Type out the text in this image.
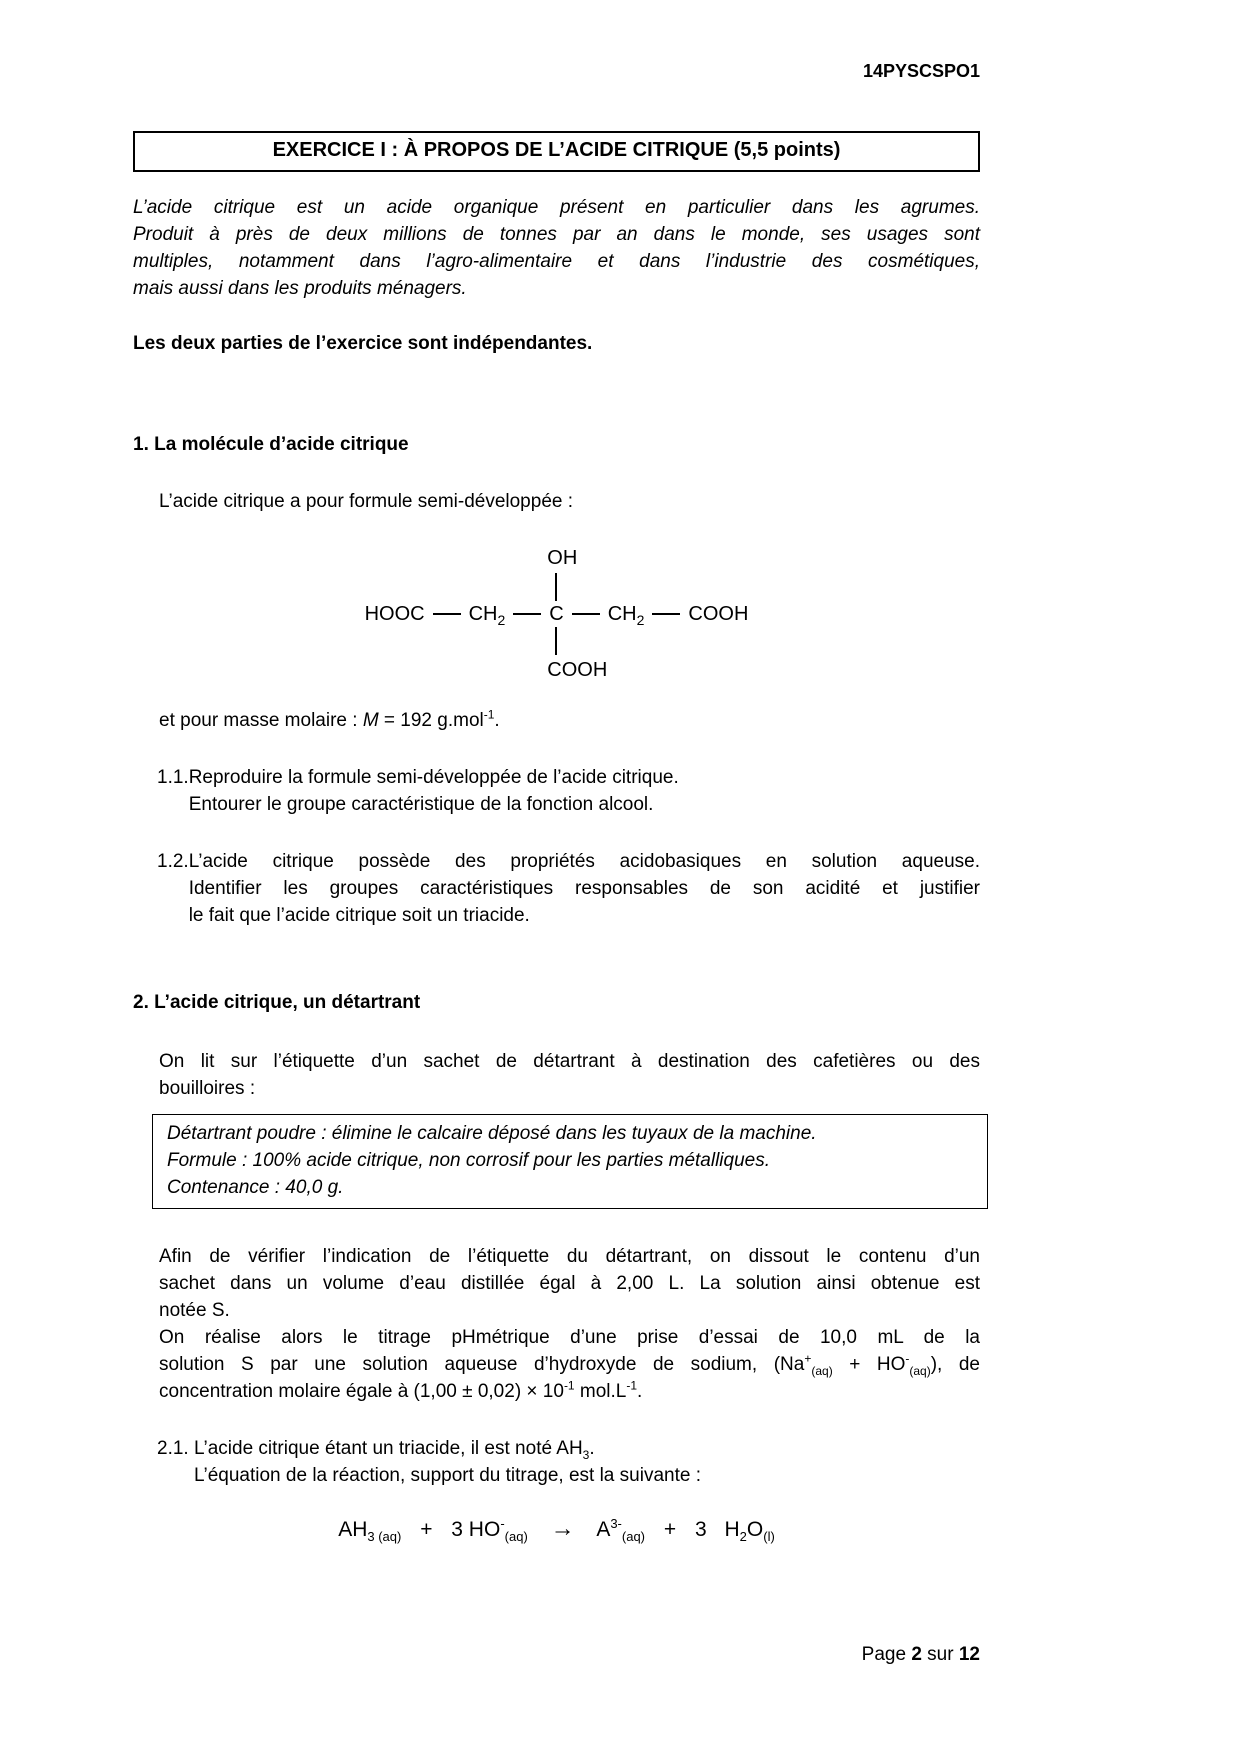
14PYSCSPO1
EXERCICE I : À PROPOS DE L’ACIDE CITRIQUE (5,5 points)
L’acide citrique est un acide organique présent en particulier dans les agrumes.
Produit à près de deux millions de tonnes par an dans le monde, ses usages sont
multiples, notamment dans l’agro-alimentaire et dans l’industrie des cosmétiques,
mais aussi dans les produits ménagers.
Les deux parties de l’exercice sont indépendantes.
1. La molécule d’acide citrique
L’acide citrique a pour formule semi-développée :
HOOC $CH_2$
OH
C
COOH
$CH_2$ COOH
et pour masse molaire : M = 192 g.mol$^{-1}$.
1.1. Reproduire la formule semi-développée de l’acide citrique.
Entourer le groupe caractéristique de la fonction alcool.
1.2. L’acide citrique possède des propriétés acidobasiques en solution aqueuse.
Identifier les groupes caractéristiques responsables de son acidité et justifier
le fait que l’acide citrique soit un triacide.
2. L’acide citrique, un détartrant
On lit sur l’étiquette d’un sachet de détartrant à destination des cafetières ou des
bouilloires :
Détartrant poudre : élimine le calcaire déposé dans les tuyaux de la machine.
Formule : 100% acide citrique, non corrosif pour les parties métalliques.
Contenance : 40,0 g.
Afin de vérifier l’indication de l’étiquette du détartrant, on dissout le contenu d’un
sachet dans un volume d’eau distillée égal à 2,00 L. La solution ainsi obtenue est
notée S.
On réalise alors le titrage pHmétrique d’une prise d’essai de 10,0 mL de la
solution S par une solution aqueuse d’hydroxyde de sodium, $(Na^+_{(aq)} + HO^-_{(aq)})$, de
concentration molaire égale à $(1,00 \pm 0,02) \times 10^{-1}$ $mol.L^{-1}$.
2.1. L’acide citrique étant un triacide, il est noté $AH_3$.
L’équation de la réaction, support du titrage, est la suivante :
$AH_{3 (aq)} + 3$ $HO^-_{(aq)} \to A^{3-}_{(aq)} + 3$ $H_2O_{(l)}$
Page 2 sur 12
